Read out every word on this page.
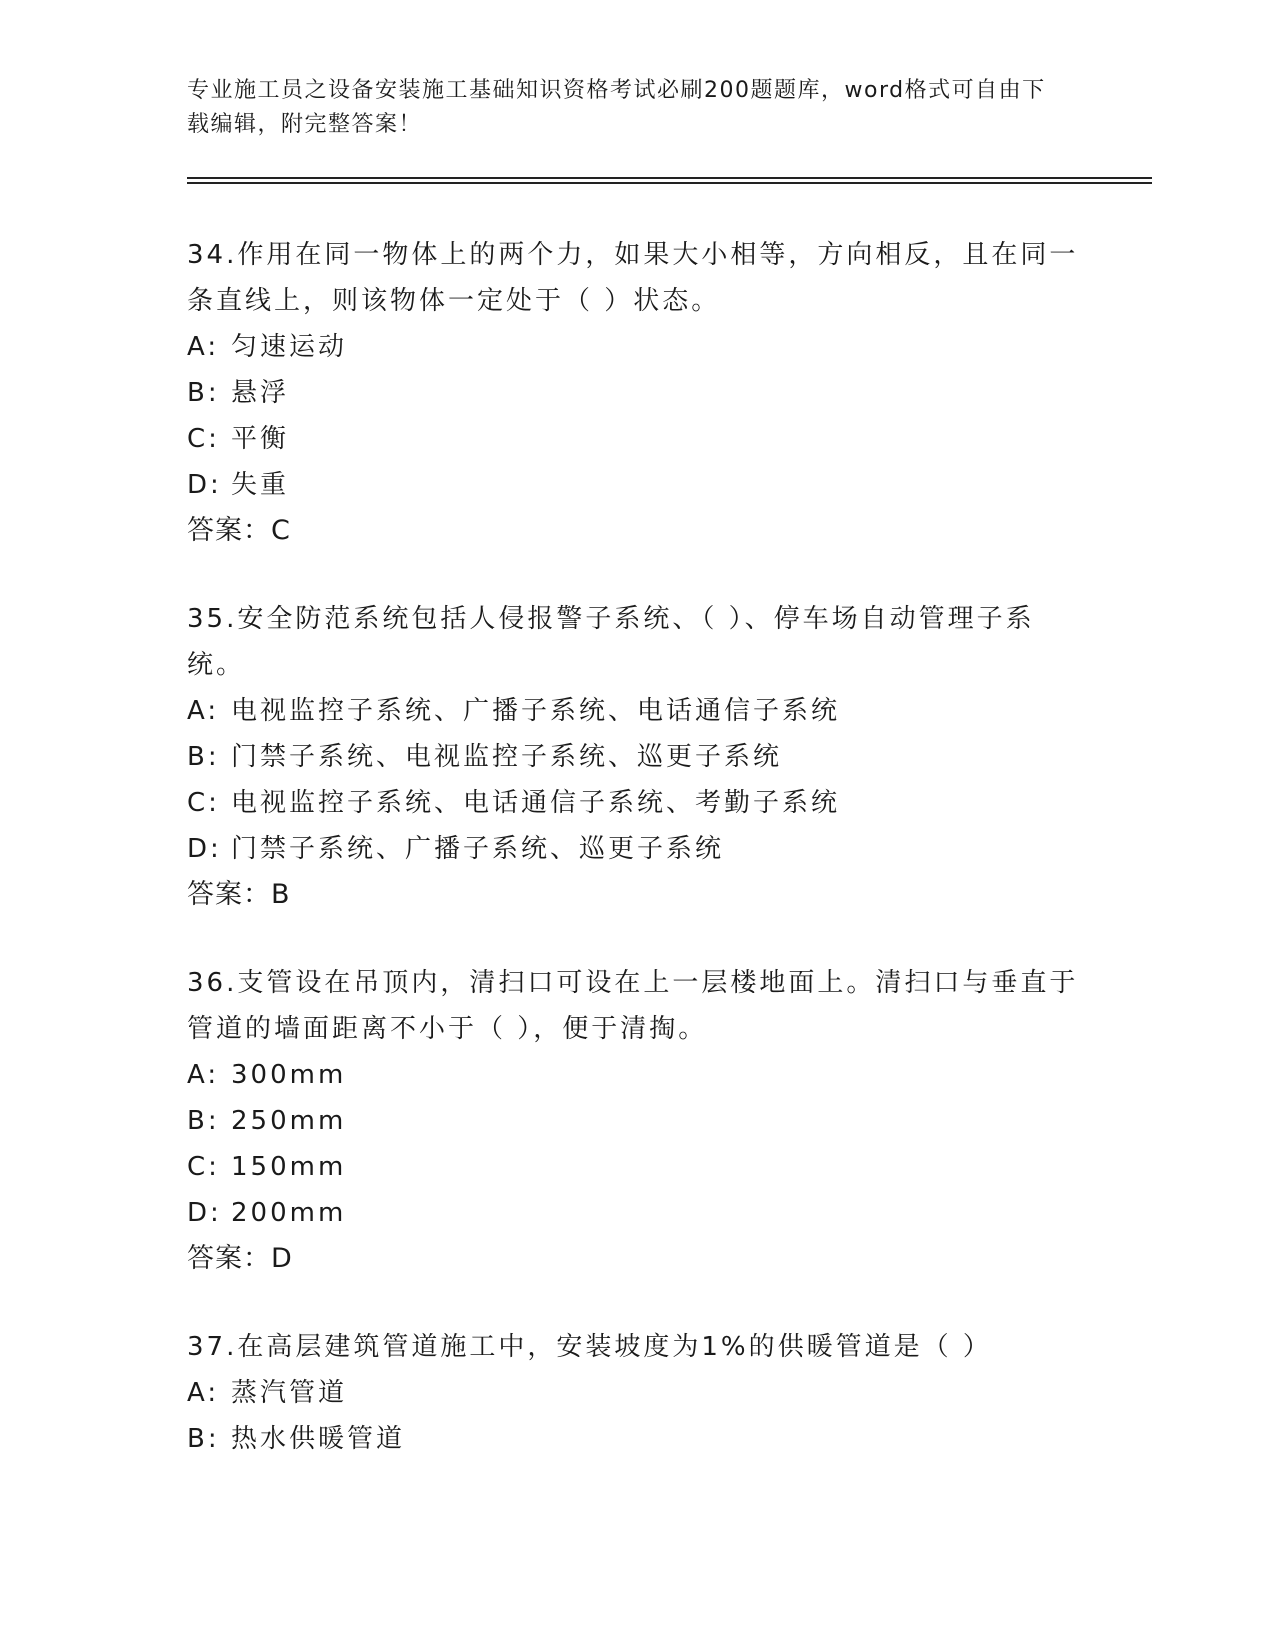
专业施工员之设备安装施工基础知识资格考试必刷200题题库，word格式可自由下载编辑，附完整答案！
34.作用在同一物体上的两个力，如果大小相等，方向相反，且在同一条直线上，则该物体一定处于（ ）状态。
A: 匀速运动
B: 悬浮
C: 平衡
D: 失重
答案：C
35.安全防范系统包括人侵报警子系统、（ ）、停车场自动管理子系统。
A: 电视监控子系统、广播子系统、电话通信子系统
B: 门禁子系统、电视监控子系统、巡更子系统
C: 电视监控子系统、电话通信子系统、考勤子系统
D: 门禁子系统、广播子系统、巡更子系统
答案：B
36.支管设在吊顶内，清扫口可设在上一层楼地面上。清扫口与垂直于管道的墙面距离不小于（ ），便于清掏。
A: 300mm
B: 250mm
C: 150mm
D: 200mm
答案：D
37.在高层建筑管道施工中，安装坡度为1%的供暖管道是（ ）
A: 蒸汽管道
B: 热水供暖管道
